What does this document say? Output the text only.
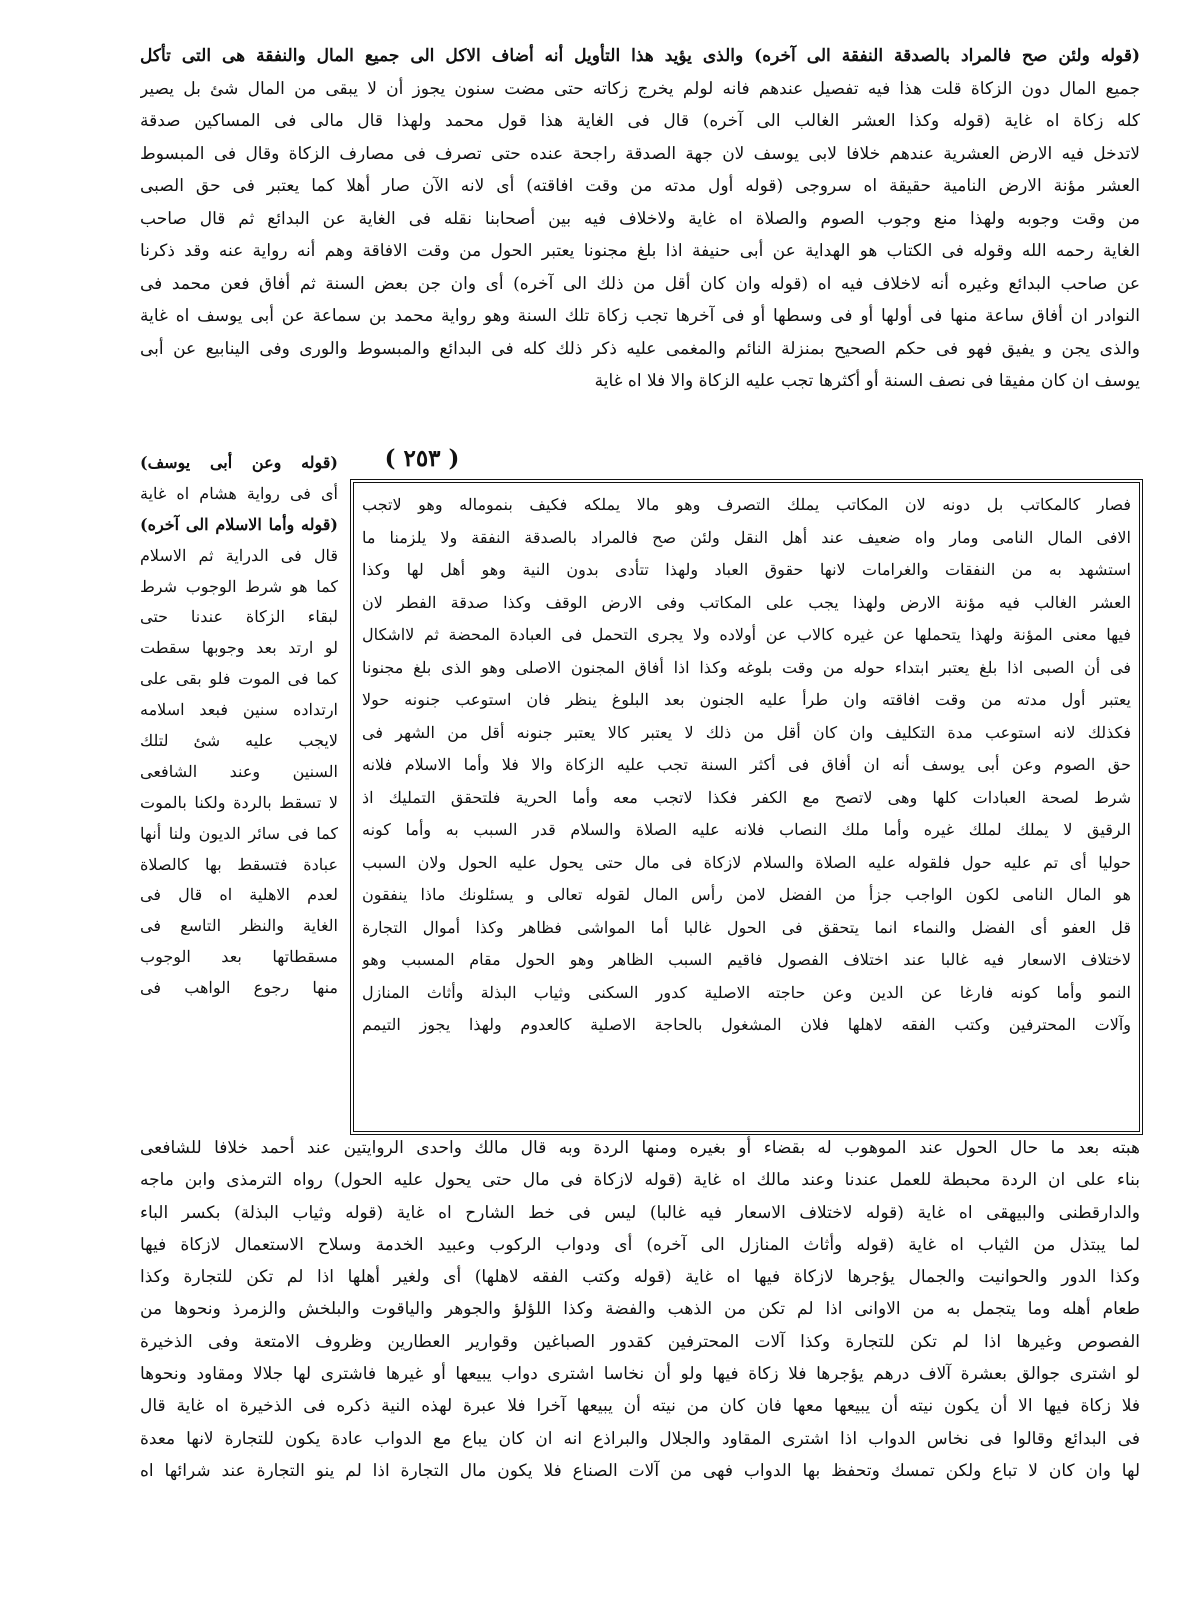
(قوله ولئن صح فالمراد بالصدقة النفقة الى آخره) والذى يؤيد هذا التأويل أنه أضاف الاكل الى جميع المال والنفقة هى التى تأكل
جميع المال دون الزكاة قلت هذا فيه تفصيل عندهم فانه لولم يخرج زكاته حتى مضت سنون يجوز أن لا يبقى من المال شئ بل يصير
كله زكاة اه غاية (قوله وكذا العشر الغالب الى آخره) قال فى الغاية هذا قول محمد ولهذا قال مالى فى المساكين صدقة
لاتدخل فيه الارض العشرية عندهم خلافا لابى يوسف لان جهة الصدقة راجحة عنده حتى تصرف فى مصارف الزكاة وقال فى المبسوط
العشر مؤنة الارض النامية حقيقة اه سروجى (قوله أول مدته من وقت افاقته) أى لانه الآن صار أهلا كما يعتبر فى حق الصبى
من وقت وجوبه ولهذا منع وجوب الصوم والصلاة اه غاية ولاخلاف فيه بين أصحابنا نقله فى الغاية عن البدائع ثم قال صاحب
الغاية رحمه الله وقوله فى الكتاب هو الهداية عن أبى حنيفة اذا بلغ مجنونا يعتبر الحول من وقت الافاقة وهم أنه رواية عنه وقد ذكرنا
عن صاحب البدائع وغيره أنه لاخلاف فيه اه (قوله وان كان أقل من ذلك الى آخره) أى وان جن بعض السنة ثم أفاق فعن محمد فى
النوادر ان أفاق ساعة منها فى أولها أو فى وسطها أو فى آخرها تجب زكاة تلك السنة وهو رواية محمد بن سماعة عن أبى يوسف اه غاية
والذى يجن و يفيق فهو فى حكم الصحيح بمنزلة النائم والمغمى عليه ذكر ذلك كله فى البدائع والمبسوط والورى وفى الينابيع عن أبى
يوسف ان كان مفيقا فى نصف السنة أو أكثرها تجب عليه الزكاة والا فلا اه غاية
( ٢٥٣ )
فصار كالمكاتب بل دونه لان المكاتب يملك التصرف وهو مالا يملكه فكيف بنموماله وهو لاتجب
الافى المال النامى ومار واه ضعيف عند أهل النقل ولئن صح فالمراد بالصدقة النفقة ولا يلزمنا ما
استشهد به من النفقات والغرامات لانها حقوق العباد ولهذا تتأدى بدون النية وهو أهل لها وكذا
العشر الغالب فيه مؤنة الارض ولهذا يجب على المكاتب وفى الارض الوقف وكذا صدقة الفطر لان
فيها معنى المؤنة ولهذا يتحملها عن غيره كالاب عن أولاده ولا يجرى التحمل فى العبادة المحضة ثم لااشكال
فى أن الصبى اذا بلغ يعتبر ابتداء حوله من وقت بلوغه وكذا اذا أفاق المجنون الاصلى وهو الذى بلغ مجنونا
يعتبر أول مدته من وقت افاقته وان طرأ عليه الجنون بعد البلوغ ينظر فان استوعب جنونه حولا
فكذلك لانه استوعب مدة التكليف وان كان أقل من ذلك لا يعتبر كالا يعتبر جنونه أقل من الشهر فى
حق الصوم وعن أبى يوسف أنه ان أفاق فى أكثر السنة تجب عليه الزكاة والا فلا وأما الاسلام فلانه
شرط لصحة العبادات كلها وهى لاتصح مع الكفر فكذا لاتجب معه وأما الحرية فلتحقق التمليك اذ
الرقيق لا يملك لملك غيره وأما ملك النصاب فلانه عليه الصلاة والسلام قدر السبب به وأما كونه
حوليا أى تم عليه حول فلقوله عليه الصلاة والسلام لازكاة فى مال حتى يحول عليه الحول ولان السبب
هو المال النامى لكون الواجب جزأ من الفضل لامن رأس المال لقوله تعالى و يسئلونك ماذا ينفقون
قل العفو أى الفضل والنماء انما يتحقق فى الحول غالبا أما المواشى فظاهر وكذا أموال التجارة
لاختلاف الاسعار فيه غالبا عند اختلاف الفصول فاقيم السبب الظاهر وهو الحول مقام المسبب وهو
النمو وأما كونه فارغا عن الدين وعن حاجته الاصلية كدور السكنى وثياب البذلة وأثاث المنازل
وآلات المحترفين وكتب الفقه لاهلها فلان المشغول بالحاجة الاصلية كالعدوم ولهذا يجوز التيمم
(قوله وعن أبى يوسف)
أى فى رواية هشام اه غاية
(قوله وأما الاسلام الى آخره)
قال فى الدراية ثم الاسلام
كما هو شرط الوجوب شرط
لبقاء الزكاة عندنا حتى
لو ارتد بعد وجوبها سقطت
كما فى الموت فلو بقى على
ارتداده سنين فبعد اسلامه
لايجب عليه شئ لتلك
السنين وعند الشافعى
لا تسقط بالردة ولكنا بالموت
كما فى سائر الديون ولنا أنها
عبادة فتسقط بها كالصلاة
لعدم الاهلية اه قال فى
الغاية والنظر التاسع فى
مسقطاتها بعد الوجوب
منها رجوع الواهب فى
هبته بعد ما حال الحول عند الموهوب له بقضاء أو بغيره ومنها الردة وبه قال مالك واحدى الروايتين عند أحمد خلافا للشافعى
بناء على ان الردة محبطة للعمل عندنا وعند مالك اه غاية (قوله لازكاة فى مال حتى يحول عليه الحول) رواه الترمذى وابن ماجه
والدارقطنى والبيهقى اه غاية (قوله لاختلاف الاسعار فيه غالبا) ليس فى خط الشارح اه غاية (قوله وثياب البذلة) بكسر الباء
لما يبتذل من الثياب اه غاية (قوله وأثاث المنازل الى آخره) أى ودواب الركوب وعبيد الخدمة وسلاح الاستعمال لازكاة فيها
وكذا الدور والحوانيت والجمال يؤجرها لازكاة فيها اه غاية (قوله وكتب الفقه لاهلها) أى ولغير أهلها اذا لم تكن للتجارة وكذا
طعام أهله وما يتجمل به من الاوانى اذا لم تكن من الذهب والفضة وكذا اللؤلؤ والجوهر والياقوت والبلخش والزمرذ ونحوها من
الفصوص وغيرها اذا لم تكن للتجارة وكذا آلات المحترفين كقدور الصباغين وقوارير العطارين وظروف الامتعة وفى الذخيرة
لو اشترى جوالق بعشرة آلاف درهم يؤجرها فلا زكاة فيها ولو أن نخاسا اشترى دواب يبيعها أو غيرها فاشترى لها جلالا ومقاود ونحوها
فلا زكاة فيها الا أن يكون نيته أن يبيعها معها فان كان من نيته أن يبيعها آخرا فلا عبرة لهذه النية ذكره فى الذخيرة اه غاية قال
فى البدائع وقالوا فى نخاس الدواب اذا اشترى المقاود والجلال والبراذع انه ان كان يباع مع الدواب عادة يكون للتجارة لانها معدة
لها وان كان لا تباع ولكن تمسك وتحفظ بها الدواب فهى من آلات الصناع فلا يكون مال التجارة اذا لم ينو التجارة عند شرائها اه
